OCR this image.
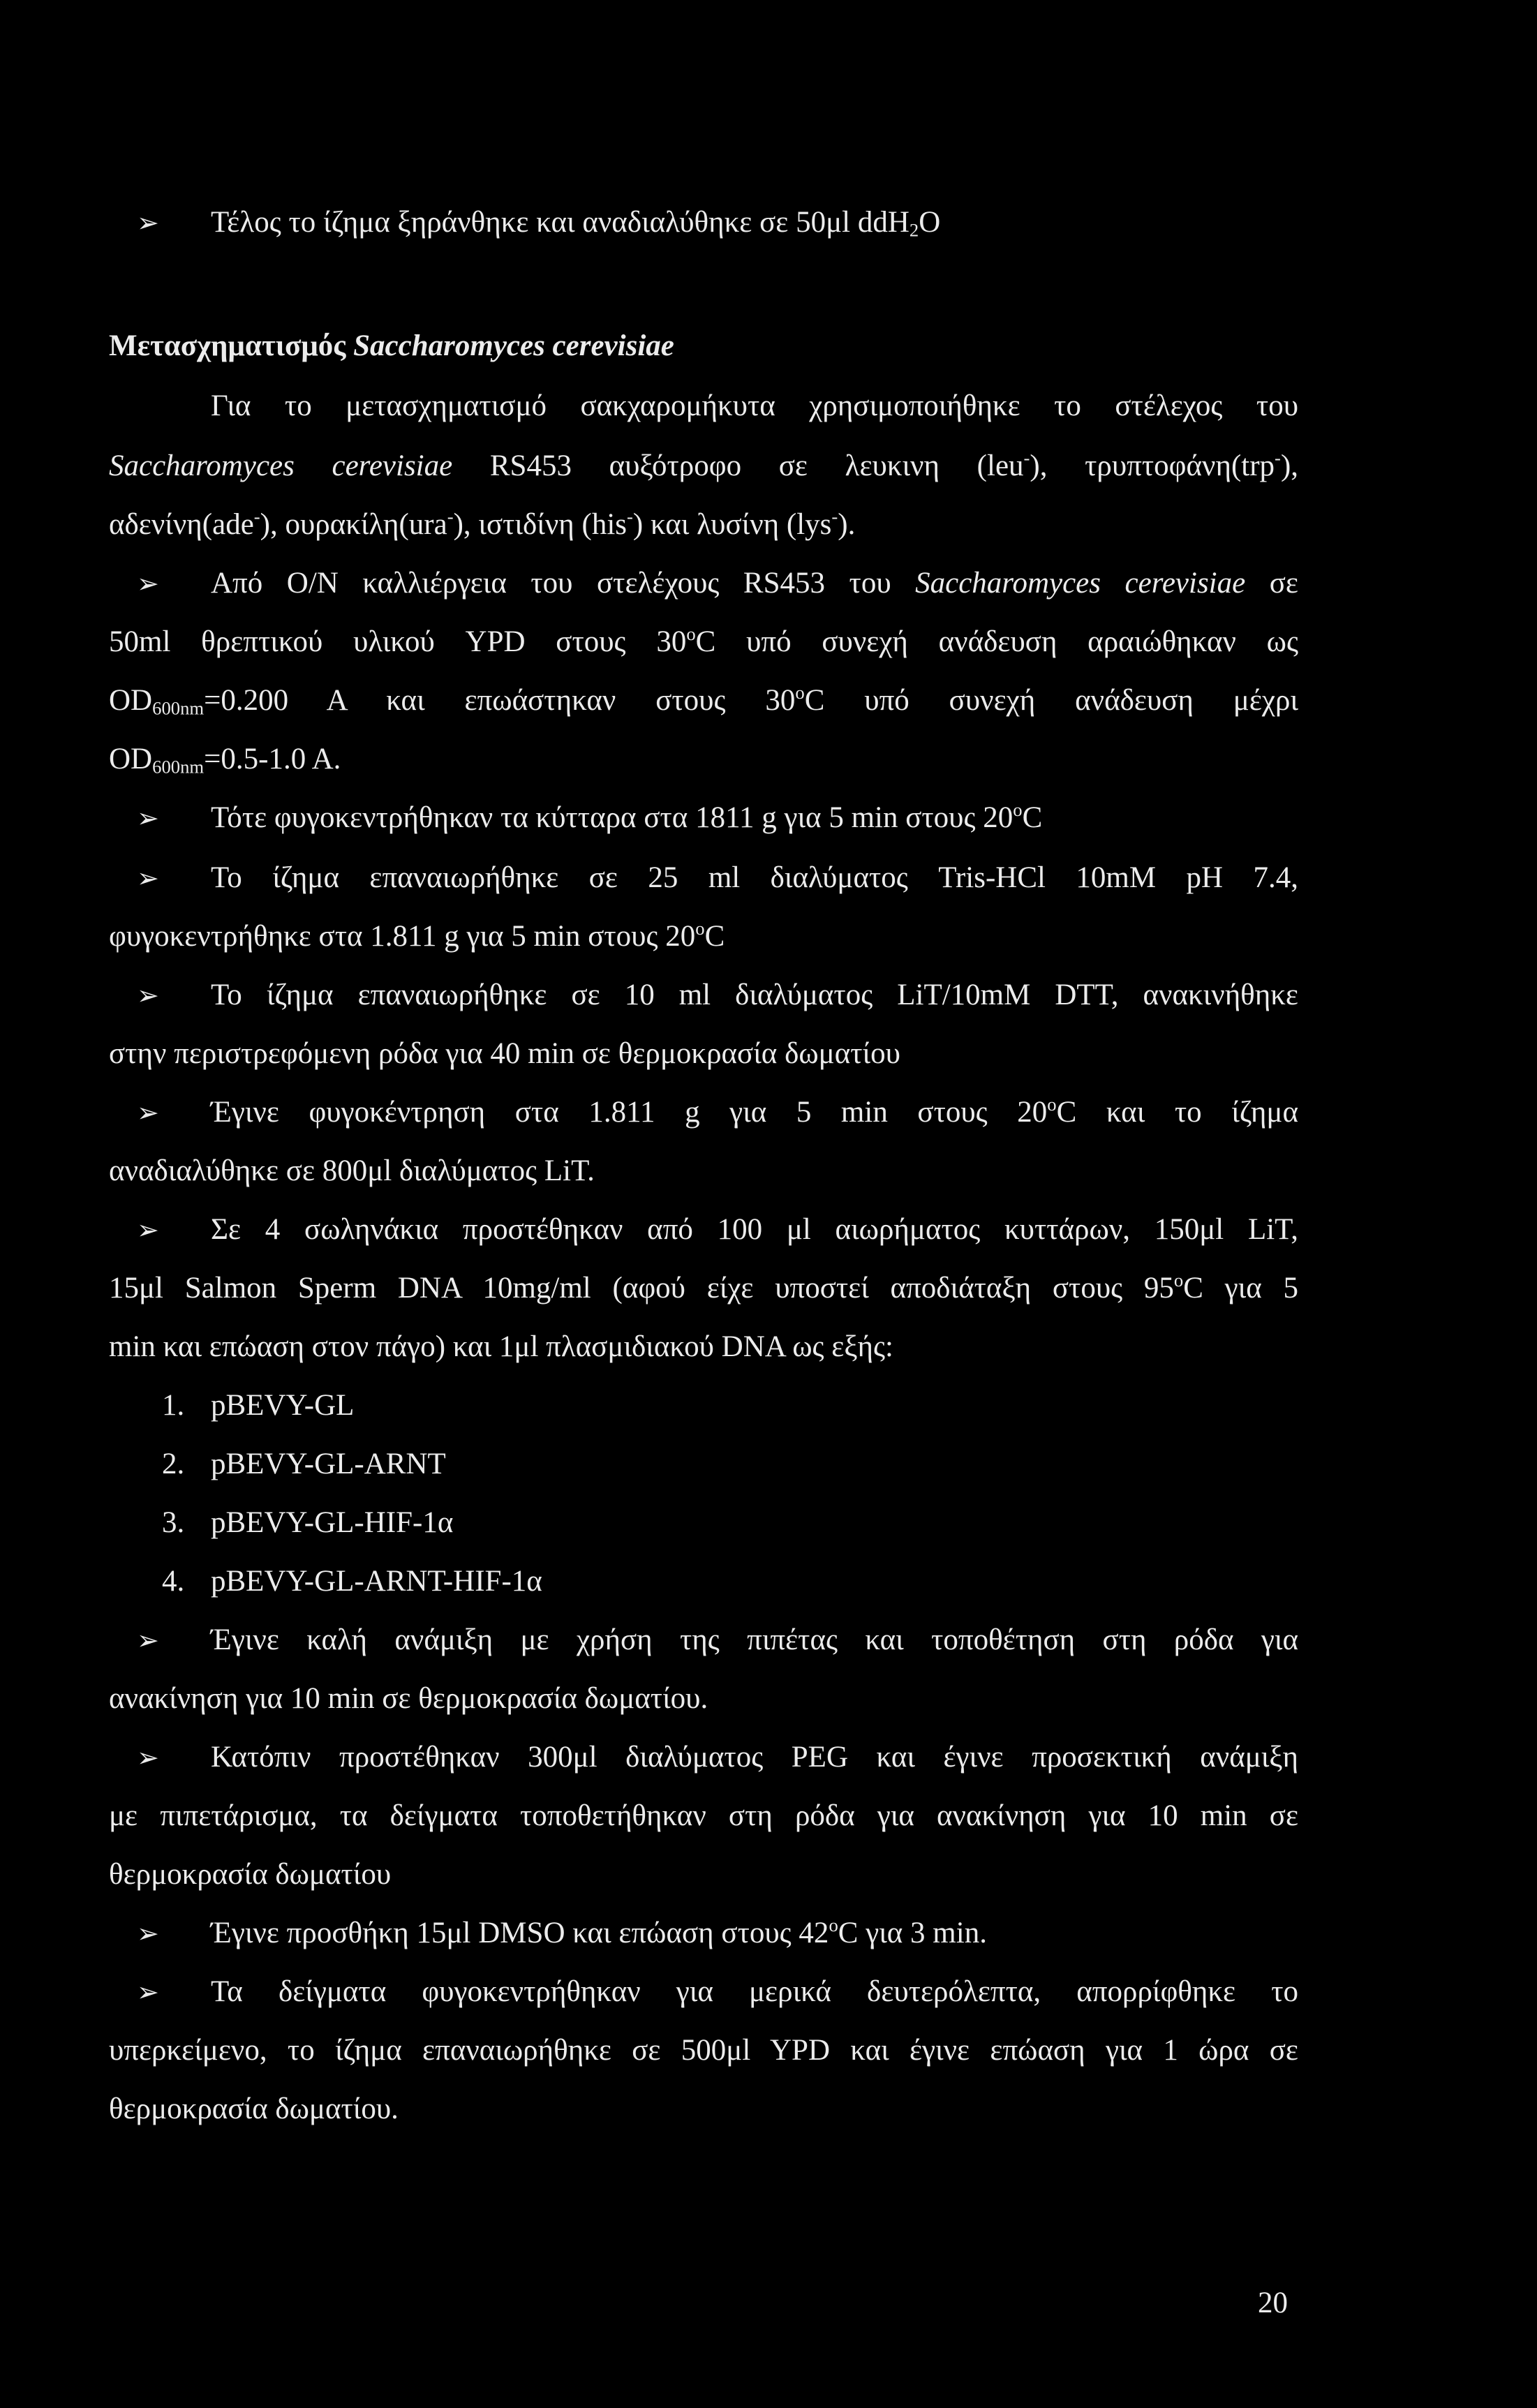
➢ Τέλος το ίζημα ξηράνθηκε και αναδιαλύθηκε σε 50μl ddH$_2$O
Μετασχηματισμός Saccharomyces cerevisiae
Για το μετασχηματισμό σακχαρομήκυτα χρησιμοποιήθηκε το στέλεχος του
Saccharomyces cerevisiae RS453 αυξότροφο σε λευκινη (leu-), τρυπτοφάνη(trp-),
αδενίνη(ade-), ουρακίλη(ura-), ιστιδίνη (his-) και λυσίνη (lys-).
➢ Από O/N καλλιέργεια του στελέχους RS453 του Saccharomyces cerevisiae σε
50ml θρεπτικού υλικού YPD στους 30$^o$C υπό συνεχή ανάδευση αραιώθηκαν ως
$OD_{600nm}=0.200$ A και επωάστηκαν στους 30$^o$C υπό συνεχή ανάδευση μέχρι
$OD_{600nm}=0.5-1.0$ A.
➢ Τότε φυγοκεντρήθηκαν τα κύτταρα στα 1811 g για 5 min στους 20$^o$C
➢ Το ίζημα επαναιωρήθηκε σε 25 ml διαλύματος Tris-HCl 10mM pH 7.4,
φυγοκεντρήθηκε στα 1.811 g για 5 min στους 20$^o$C
➢ Το ίζημα επαναιωρήθηκε σε 10 ml διαλύματος LiT/10mM DTT, ανακινήθηκε
στην περιστρεφόμενη ρόδα για 40 min σε θερμοκρασία δωματίου
➢ Έγινε φυγοκέντρηση στα 1.811 g για 5 min στους 20$^o$C και το ίζημα
αναδιαλύθηκε σε 800μl διαλύματος LiT.
➢ Σε 4 σωληνάκια προστέθηκαν από 100 μl αιωρήματος κυττάρων, 150μl LiT,
15μl Salmon Sperm DNA 10mg/ml (αφού είχε υποστεί αποδιάταξη στους 95$^o$C για 5
min και επώαση στον πάγο) και 1μl πλασμιδιακού DNA ως εξής:
1. pBEVY-GL
2. pBEVY-GL-ARNT
3. pBEVY-GL-HIF-1α
4. pBEVY-GL-ARNT-HIF-1α
➢ Έγινε καλή ανάμιξη με χρήση της πιπέτας και τοποθέτηση στη ρόδα για
ανακίνηση για 10 min σε θερμοκρασία δωματίου.
➢ Κατόπιν προστέθηκαν 300μl διαλύματος PEG και έγινε προσεκτική ανάμιξη
με πιπετάρισμα, τα δείγματα τοποθετήθηκαν στη ρόδα για ανακίνηση για 10 min σε
θερμοκρασία δωματίου
➢ Έγινε προσθήκη 15μl DMSO και επώαση στους 42$^o$C για 3 min.
➢ Τα δείγματα φυγοκεντρήθηκαν για μερικά δευτερόλεπτα, απορρίφθηκε το
υπερκείμενο, το ίζημα επαναιωρήθηκε σε 500μl YPD και έγινε επώαση για 1 ώρα σε
θερμοκρασία δωματίου.
20
